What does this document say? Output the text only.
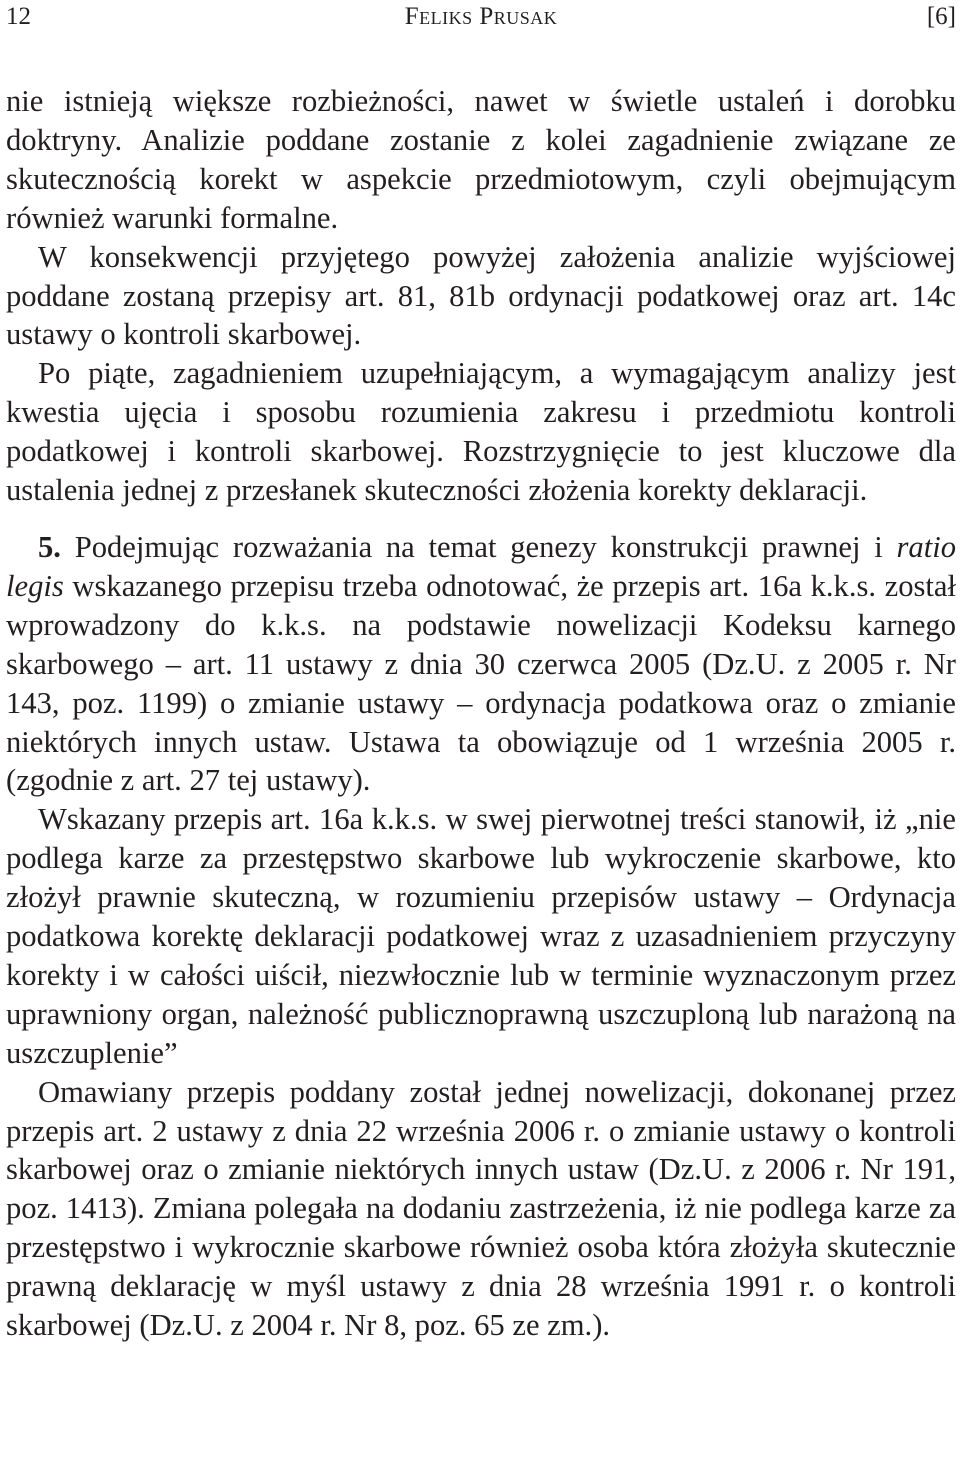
12	Feliks Prusak	[6]

nie istnieją większe rozbieżności, nawet w świetle ustaleń i dorobku doktryny. Analizie poddane zostanie z kolei zagadnienie związane ze skutecznością korekt w aspekcie przedmiotowym, czyli obejmującym również warunki formalne.

W konsekwencji przyjętego powyżej założenia analizie wyjściowej poddane zostaną przepisy art. 81, 81b ordynacji podatkowej oraz art. 14c ustawy o kontroli skarbowej.

Po piąte, zagadnieniem uzupełniającym, a wymagającym analizy jest kwestia ujęcia i sposobu rozumienia zakresu i przedmiotu kontroli podatkowej i kontroli skarbowej. Rozstrzygnięcie to jest kluczowe dla ustalenia jednej z przesłanek skuteczności złożenia korekty deklaracji.

5. Podejmując rozważania na temat genezy konstrukcji prawnej i ratio legis wskazanego przepisu trzeba odnotować, że przepis art. 16a k.k.s. został wprowadzony do k.k.s. na podstawie nowelizacji Kodeksu karnego skarbowego – art. 11 ustawy z dnia 30 czerwca 2005 (Dz.U. z 2005 r. Nr 143, poz. 1199) o zmianie ustawy – ordynacja podatkowa oraz o zmianie niektórych innych ustaw. Ustawa ta obowiązuje od 1 września 2005 r. (zgodnie z art. 27 tej ustawy).

Wskazany przepis art. 16a k.k.s. w swej pierwotnej treści stanowił, iż „nie podlega karze za przestępstwo skarbowe lub wykroczenie skarbowe, kto złożył prawnie skuteczną, w rozumieniu przepisów ustawy – Ordynacja podatkowa korektę deklaracji podatkowej wraz z uzasadnieniem przyczyny korekty i w całości uiścił, niezwłocznie lub w terminie wyznaczonym przez uprawniony organ, należność publicznoprawną uszczuploną lub narażoną na uszczuplenie”

Omawiany przepis poddany został jednej nowelizacji, dokonanej przez przepis art. 2 ustawy z dnia 22 września 2006 r. o zmianie ustawy o kontroli skarbowej oraz o zmianie niektórych innych ustaw (Dz.U. z 2006 r. Nr 191, poz. 1413). Zmiana polegała na dodaniu zastrzeżenia, iż nie podlega karze za przestępstwo i wykrocznie skarbowe również osoba która złożyła skutecznie prawną deklarację w myśl ustawy z dnia 28 września 1991 r. o kontroli skarbowej (Dz.U. z 2004 r. Nr 8, poz. 65 ze zm.).
